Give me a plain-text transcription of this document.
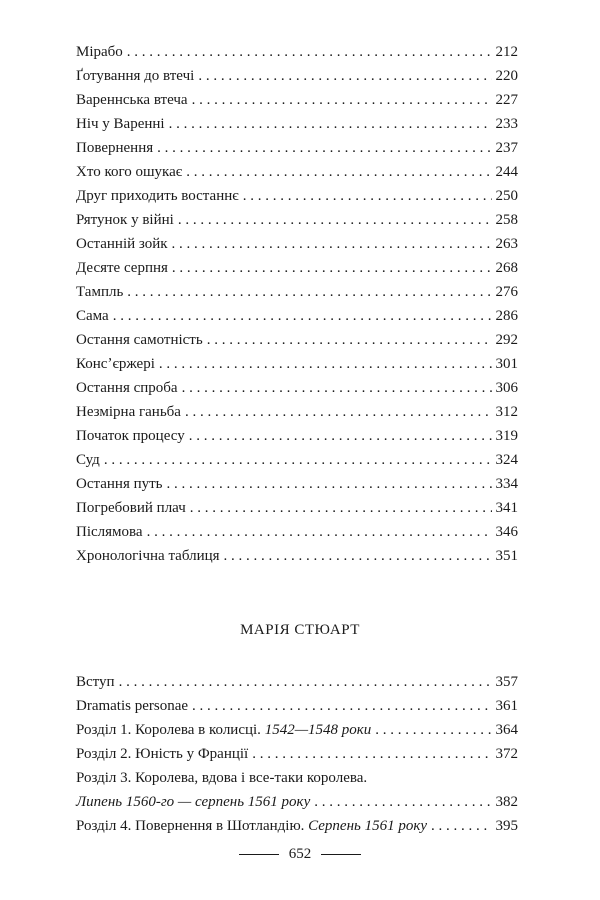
Мірабо . . .	212
Ґотування до втечі . . .	220
Вареннська втеча . . .	227
Ніч у Варенні . . .	233
Повернення . . .	237
Хто кого ошукає . . .	244
Друг приходить востаннє . . .	250
Рятунок у війні . . .	258
Останній зойк . . .	263
Десяте серпня . . .	268
Тампль . . .	276
Сама . . .	286
Остання самотність . . .	292
Консʼєржері . . .	301
Остання спроба . . .	306
Незмірна ганьба . . .	312
Початок процесу . . .	319
Суд . . .	324
Остання путь . . .	334
Погребовий плач . . .	341
Післямова . . .	346
Хронологічна таблиця . . .	351
МАРІЯ СТЮАРТ
Вступ . . .	357
Dramatis personae . . .	361
Розділ 1. Королева в колисці. 1542—1548 роки . . .	364
Розділ 2. Юність у Франції . . .	372
Розділ 3. Королева, вдова і все-таки королева.
Липень 1560-го — серпень 1561 року . . .	382
Розділ 4. Повернення в Шотландію. Серпень 1561 року . . .	395
652
